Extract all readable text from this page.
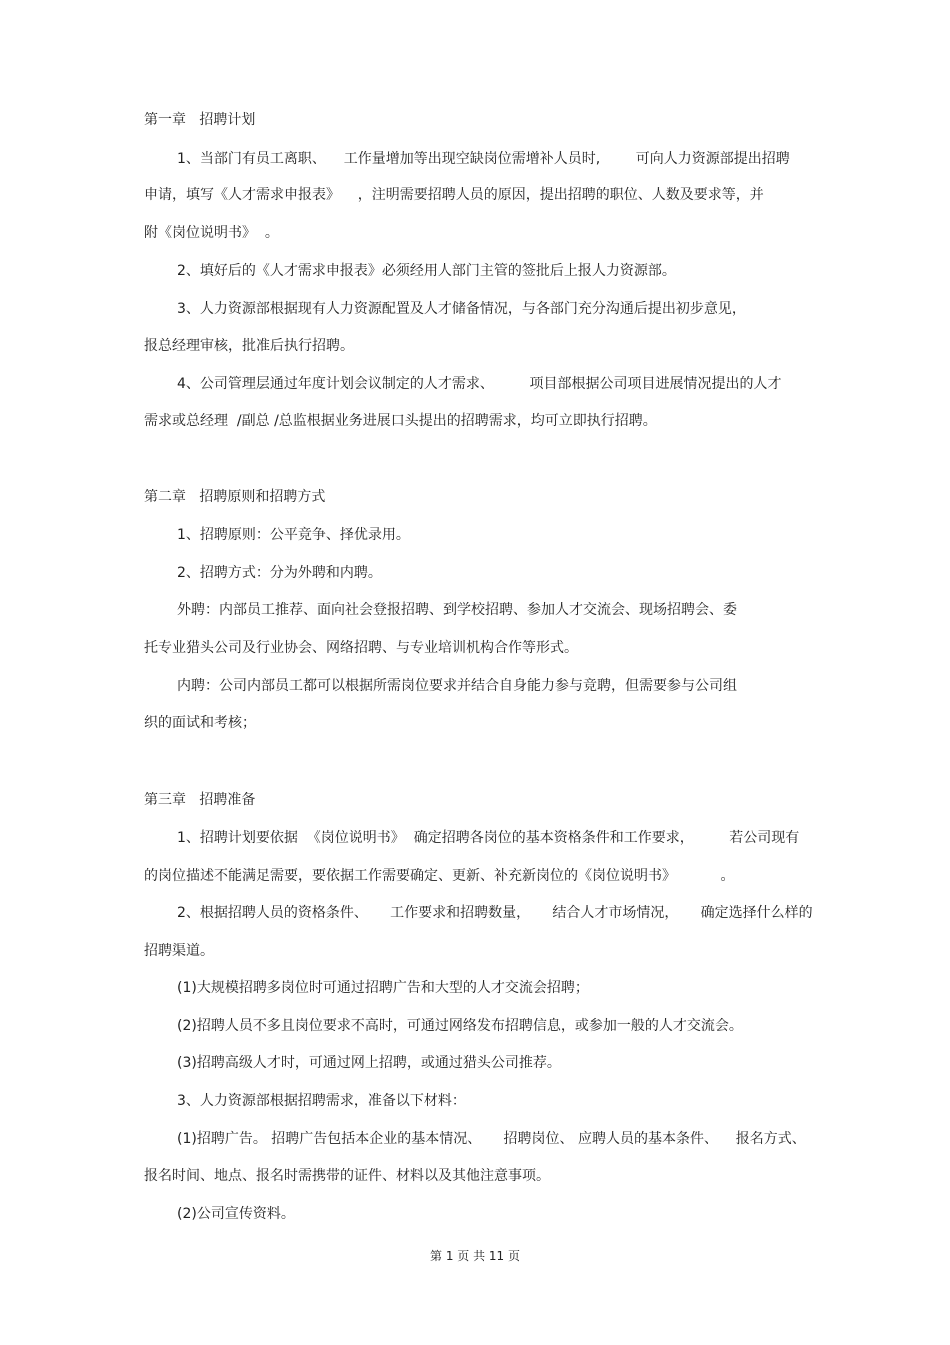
第一章   招聘计划

1、当部门有员工离职、    工作量增加等出现空缺岗位需增补人员时,        可向人力资源部提出招聘

申请，填写《人才需求申报表》    ，注明需要招聘人员的原因，提出招聘的职位、人数及要求等，并

附《岗位说明书》  。

2、填好后的《人才需求申报表》必须经用人部门主管的签批后上报人力资源部。

3、人力资源部根据现有人力资源配置及人才储备情况，与各部门充分沟通后提出初步意见，

报总经理审核，批准后执行招聘。

4、公司管理层通过年度计划会议制定的人才需求、        项目部根据公司项目进展情况提出的人才

需求或总经理  /副总 /总监根据业务进展口头提出的招聘需求，均可立即执行招聘。

第二章   招聘原则和招聘方式

1、招聘原则：公平竞争、择优录用。

2、招聘方式：分为外聘和内聘。

外聘：内部员工推荐、面向社会登报招聘、到学校招聘、参加人才交流会、现场招聘会、委

托专业猎头公司及行业协会、网络招聘、与专业培训机构合作等形式。

内聘：公司内部员工都可以根据所需岗位要求并结合自身能力参与竞聘，但需要参与公司组

织的面试和考核；

第三章   招聘准备

1、招聘计划要依据  《岗位说明书》  确定招聘各岗位的基本资格条件和工作要求，        若公司现有

的岗位描述不能满足需要，要依据工作需要确定、更新、补充新岗位的《岗位说明书》          。

2、根据招聘人员的资格条件、     工作要求和招聘数量，     结合人才市场情况，     确定选择什么样的

招聘渠道。

(1)大规模招聘多岗位时可通过招聘广告和大型的人才交流会招聘；

(2)招聘人员不多且岗位要求不高时，可通过网络发布招聘信息，或参加一般的人才交流会。

(3)招聘高级人才时，可通过网上招聘，或通过猎头公司推荐。

3、人力资源部根据招聘需求，准备以下材料：

(1)招聘广告。 招聘广告包括本企业的基本情况、     招聘岗位、 应聘人员的基本条件、    报名方式、

报名时间、地点、报名时需携带的证件、材料以及其他注意事项。

(2)公司宣传资料。

第 1 页 共 11 页
